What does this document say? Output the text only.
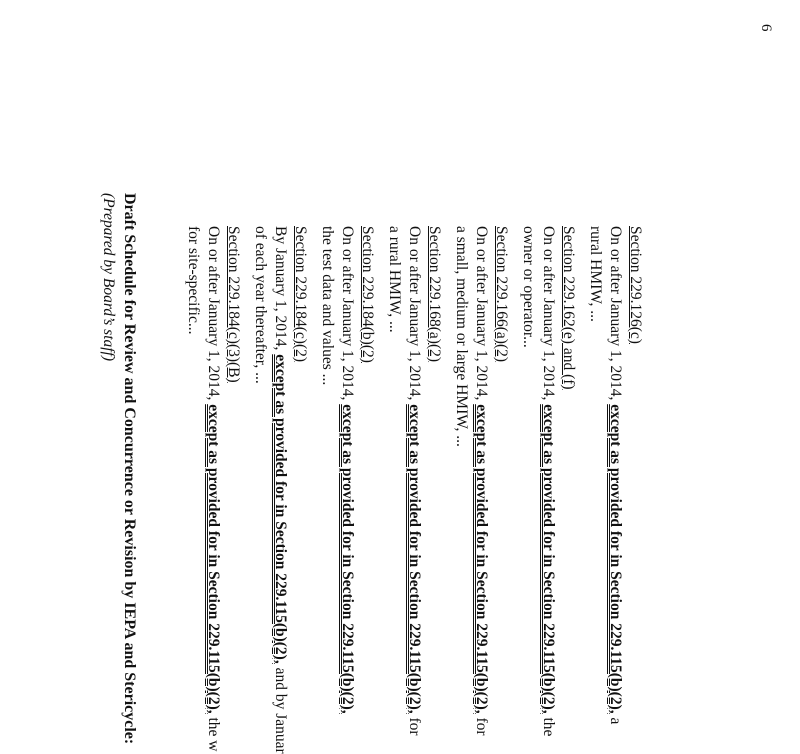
6
Section 229.126(c)
On or after January 1, 2014, except as provided for in Section 229.115(b)(2), a
rural HMIW, ...
Section 229.162(e) and (f)
On or after January 1, 2014, except as provided for in Section 229.115(b)(2), the
owner or operator...
Section 229.166(a)(2)
On or after January 1, 2014, except as provided for in Section 229.115(b)(2), for
a small, medium or large HMIW, ...
Section 229.168(a)(2)
On or after January 1, 2014, except as provided for in Section 229.115(b)(2), for
a rural HMIW, ...
Section 229.184(b)(2)
On or after January 1, 2014, except as provided for in Section 229.115(b)(2),
the test data and values ...
Section 229.184(c)(2)
By January 1, 2014, except as provided for in Section 229.115(b)(2), and by Januar
of each year thereafter, ...
Section 229.184(c)(3)(B)
On or after January 1, 2014, except as provided for in Section 229.115(b)(2), the w
for site-specific...
Draft Schedule for Review and Concurrence or Revision by IEPA and Stericycle:
(Prepared by Board’s staff)
